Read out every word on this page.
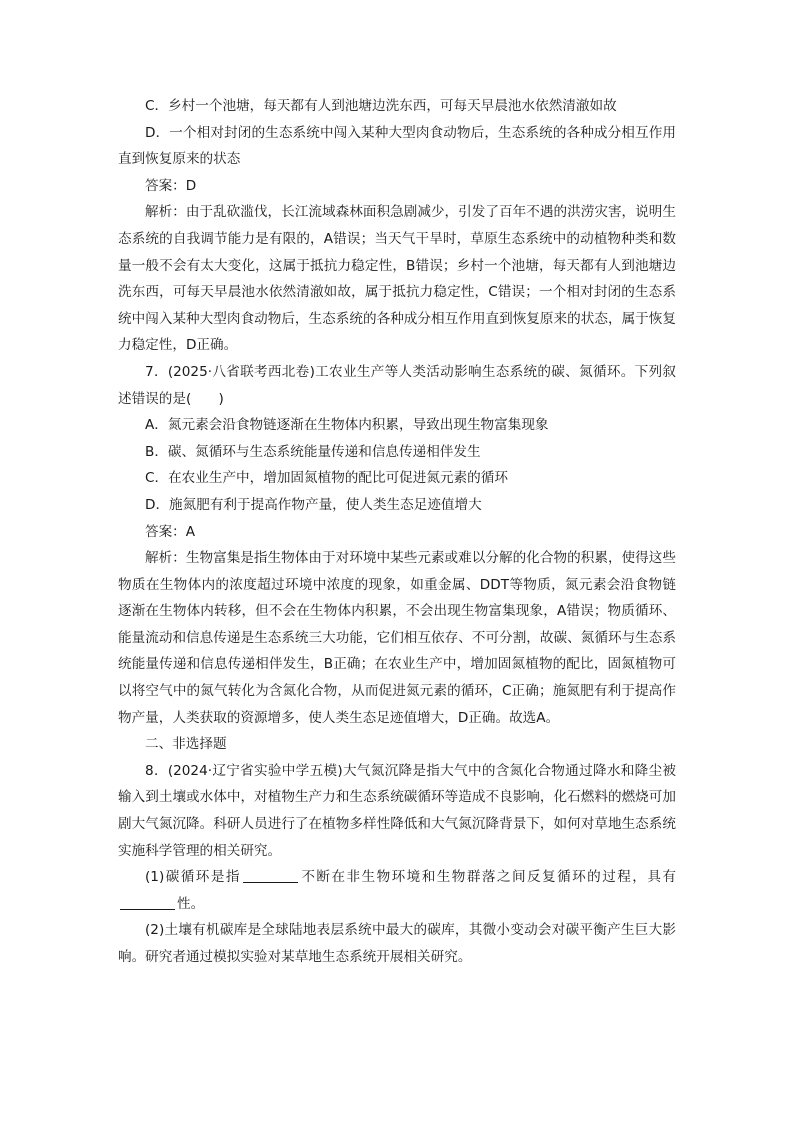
C．乡村一个池塘，每天都有人到池塘边洗东西，可每天早晨池水依然清澈如故

D．一个相对封闭的生态系统中闯入某种大型肉食动物后，生态系统的各种成分相互作用直到恢复原来的状态

答案：D

解析：由于乱砍滥伐，长江流域森林面积急剧减少，引发了百年不遇的洪涝灾害，说明生态系统的自我调节能力是有限的，A错误；当天气干旱时，草原生态系统中的动植物种类和数量一般不会有太大变化，这属于抵抗力稳定性，B错误；乡村一个池塘，每天都有人到池塘边洗东西，可每天早晨池水依然清澈如故，属于抵抗力稳定性，C错误；一个相对封闭的生态系统中闯入某种大型肉食动物后，生态系统的各种成分相互作用直到恢复原来的状态，属于恢复力稳定性，D正确。

7．(2025·八省联考西北卷)工农业生产等人类活动影响生态系统的碳、氮循环。下列叙述错误的是(　　)

A．氮元素会沿食物链逐渐在生物体内积累，导致出现生物富集现象

B．碳、氮循环与生态系统能量传递和信息传递相伴发生

C．在农业生产中，增加固氮植物的配比可促进氮元素的循环

D．施氮肥有利于提高作物产量，使人类生态足迹值增大

答案：A

解析：生物富集是指生物体由于对环境中某些元素或难以分解的化合物的积累，使得这些物质在生物体内的浓度超过环境中浓度的现象，如重金属、DDT等物质，氮元素会沿食物链逐渐在生物体内转移，但不会在生物体内积累，不会出现生物富集现象，A错误；物质循环、能量流动和信息传递是生态系统三大功能，它们相互依存、不可分割，故碳、氮循环与生态系统能量传递和信息传递相伴发生，B正确；在农业生产中，增加固氮植物的配比，固氮植物可以将空气中的氮气转化为含氮化合物，从而促进氮元素的循环，C正确；施氮肥有利于提高作物产量，人类获取的资源增多，使人类生态足迹值增大，D正确。故选A。

二、非选择题

8．(2024·辽宁省实验中学五模)大气氮沉降是指大气中的含氮化合物通过降水和降尘被输入到土壤或水体中，对植物生产力和生态系统碳循环等造成不良影响，化石燃料的燃烧可加剧大气氮沉降。科研人员进行了在植物多样性降低和大气氮沉降背景下，如何对草地生态系统实施科学管理的相关研究。

(1)碳循环是指	不断在非生物环境和生物群落之间反复循环的过程，具有性。

(2)土壤有机碳库是全球陆地表层系统中最大的碳库，其微小变动会对碳平衡产生巨大影响。研究者通过模拟实验对某草地生态系统开展相关研究。
